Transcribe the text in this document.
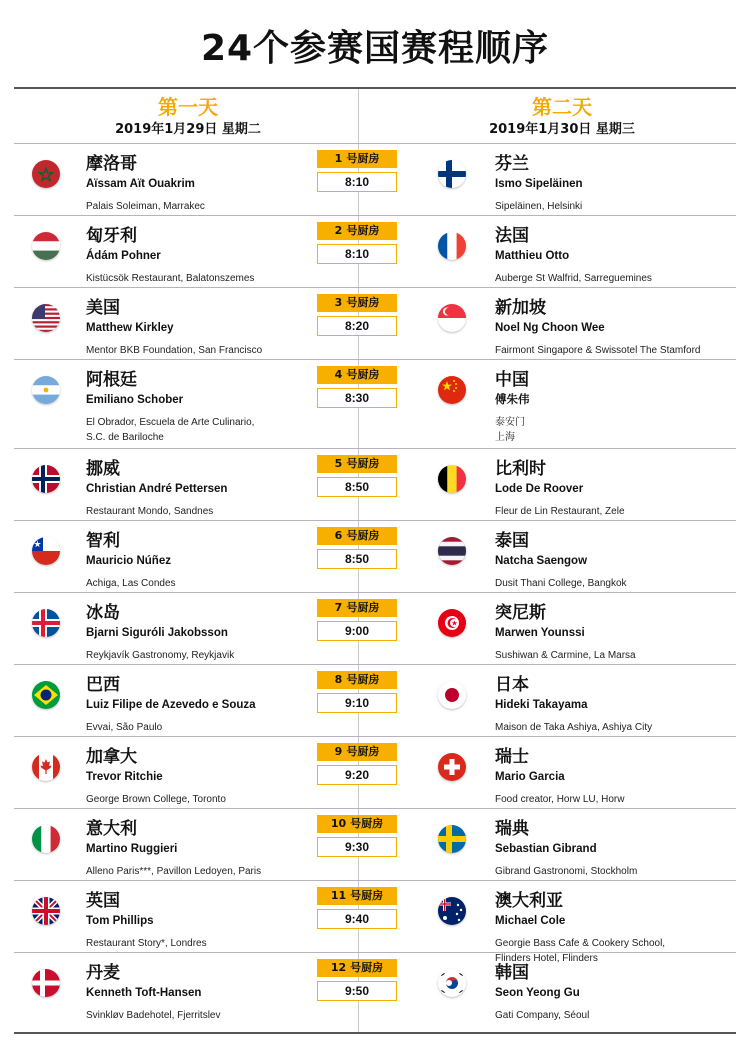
24个参赛国赛程顺序
第一天
2019年1月29日 星期二
第二天
2019年1月30日 星期三
1 号厨房
8:10
摩洛哥
Aïssam Aït Ouakrim
Palais Soleiman, Marrakec
芬兰
Ismo Sipeläinen
Sipeläinen, Helsinki
2 号厨房
8:10
匈牙利
Ádám Pohner
Kistücsök Restaurant, Balatonszemes
法国
Matthieu Otto
Auberge St Walfrid, Sarreguemines
3 号厨房
8:20
美国
Matthew Kirkley
Mentor BKB Foundation, San Francisco
新加坡
Noel Ng Choon Wee
Fairmont Singapore & Swissotel The Stamford
4 号厨房
8:30
阿根廷
Emiliano Schober
El Obrador, Escuela de Arte Culinario,
S.C. de Bariloche
中国
傅朱伟
泰安门
上海
5 号厨房
8:50
挪威
Christian André Pettersen
Restaurant Mondo, Sandnes
比利时
Lode De Roover
Fleur de Lin Restaurant, Zele
6 号厨房
8:50
智利
Mauricio Núñez
Achiga, Las Condes
泰国
Natcha Saengow
Dusit Thani College, Bangkok
7 号厨房
9:00
冰岛
Bjarni Siguróli Jakobsson
Reykjavík Gastronomy, Reykjavik
突尼斯
Marwen Younssi
Sushiwan & Carmine, La Marsa
8 号厨房
9:10
巴西
Luiz Filipe de Azevedo e Souza
Evvai, São Paulo
日本
Hideki Takayama
Maison de Taka Ashiya, Ashiya City
9 号厨房
9:20
加拿大
Trevor Ritchie
George Brown College, Toronto
瑞士
Mario Garcia
Food creator, Horw LU, Horw
10 号厨房
9:30
意大利
Martino Ruggieri
Alleno Paris***, Pavillon Ledoyen, Paris
瑞典
Sebastian Gibrand
Gibrand Gastronomi, Stockholm
11 号厨房
9:40
英国
Tom Phillips
Restaurant Story*, Londres
澳大利亚
Michael Cole
Georgie Bass Cafe & Cookery School,
Flinders Hotel, Flinders
12 号厨房
9:50
丹麦
Kenneth Toft-Hansen
Svinkløv Badehotel, Fjerritslev
韩国
Seon Yeong Gu
Gati Company, Séoul
